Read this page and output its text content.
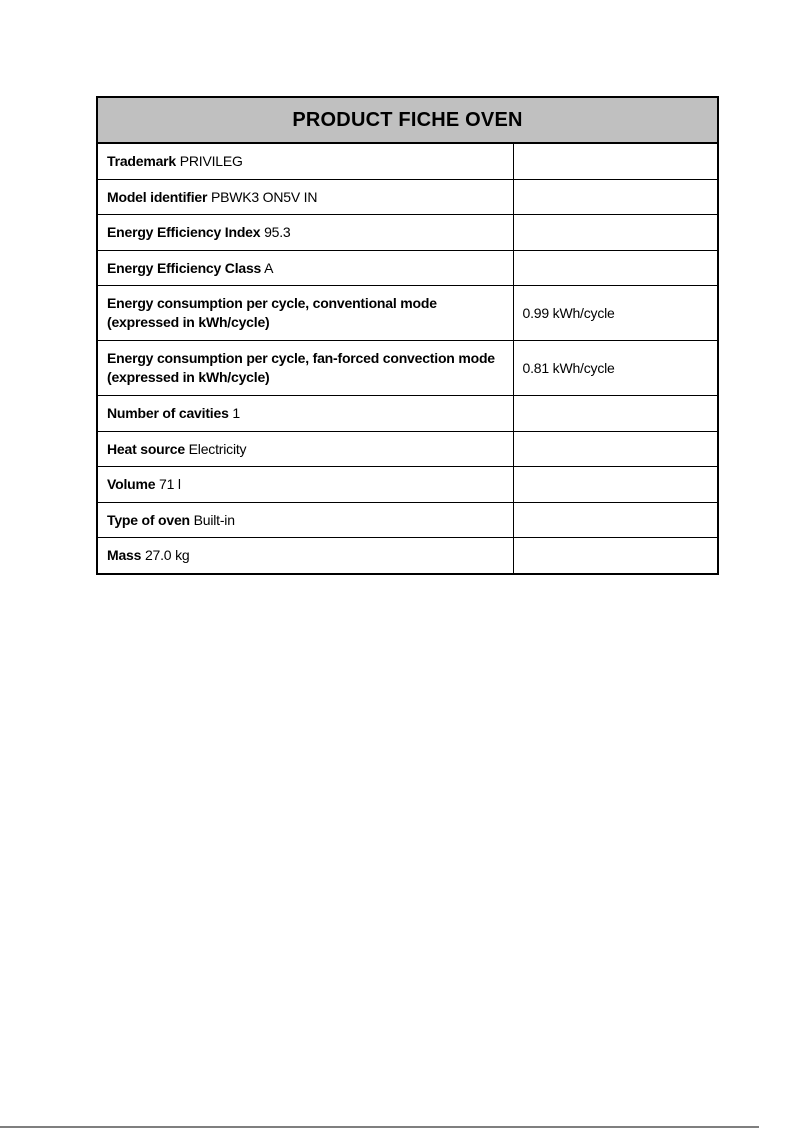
PRODUCT FICHE OVEN	
Trademark PRIVILEG	
Model identifier PBWK3 ON5V IN	
Energy Efficiency Index 95.3	
Energy Efficiency Class A	

Energy consumption per cycle, conventional mode
(expressed in kWh/cycle)	0.99 kWh/cycle

Energy consumption per cycle, fan-forced convection mode
(expressed in kWh/cycle)	0.81 kWh/cycle
Number of cavities 1	
Heat source Electricity	
Volume 71 l	
Type of oven Built-in	
Mass 27.0 kg	
